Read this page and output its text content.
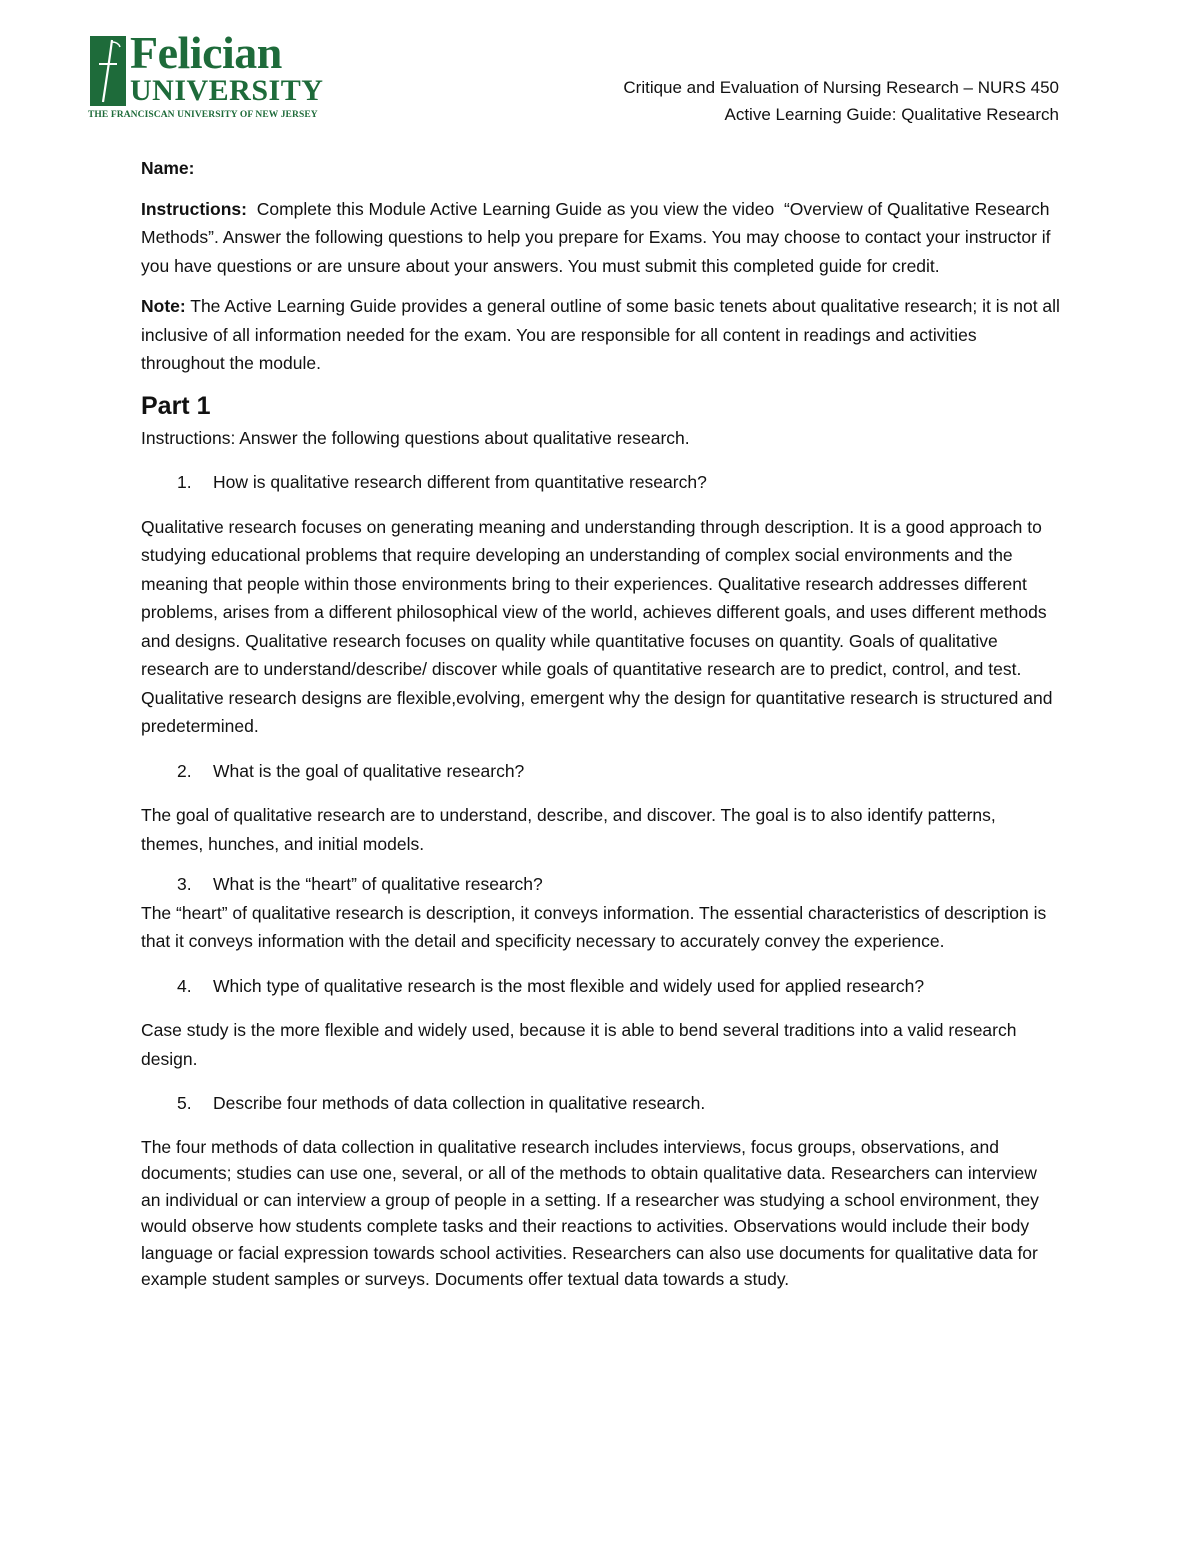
Felician
UNIVERSITY
THE FRANCISCAN UNIVERSITY OF NEW JERSEY
Critique and Evaluation of Nursing Research – NURS 450
Active Learning Guide: Qualitative Research

Name:

Instructions:  Complete this Module Active Learning Guide as you view the video  “Overview of Qualitative Research Methods”. Answer the following questions to help you prepare for Exams. You may choose to contact your instructor if you have questions or are unsure about your answers. You must submit this completed guide for credit.

Note: The Active Learning Guide provides a general outline of some basic tenets about qualitative research; it is not all inclusive of all information needed for the exam. You are responsible for all content in readings and activities throughout the module.

Part 1

Instructions: Answer the following questions about qualitative research.

1.	How is qualitative research different from quantitative research?

Qualitative research focuses on generating meaning and understanding through description. It is a good approach to studying educational problems that require developing an understanding of complex social environments and the meaning that people within those environments bring to their experiences. Qualitative research addresses different problems, arises from a different philosophical view of the world, achieves different goals, and uses different methods and designs. Qualitative research focuses on quality while quantitative focuses on quantity. Goals of qualitative research are to understand/describe/ discover while goals of quantitative research are to predict, control, and test. Qualitative research designs are flexible,evolving, emergent why the design for quantitative research is structured and predetermined.

2.	What is the goal of qualitative research?

The goal of qualitative research are to understand, describe, and discover. The goal is to also identify patterns, themes, hunches, and initial models.

3.	What is the “heart” of qualitative research?

The “heart” of qualitative research is description, it conveys information. The essential characteristics of description is that it conveys information with the detail and specificity necessary to accurately convey the experience.

4.	Which type of qualitative research is the most flexible and widely used for applied research?

Case study is the more flexible and widely used, because it is able to bend several traditions into a valid research design.

5.	Describe four methods of data collection in qualitative research.

The four methods of data collection in qualitative research includes interviews, focus groups, observations, and documents; studies can use one, several, or all of the methods to obtain qualitative data. Researchers can interview an individual or can interview a group of people in a setting. If a researcher was studying a school environment, they would observe how students complete tasks and their reactions to activities. Observations would include their body language or facial expression towards school activities. Researchers can also use documents for qualitative data for example student samples or surveys. Documents offer textual data towards a study.
